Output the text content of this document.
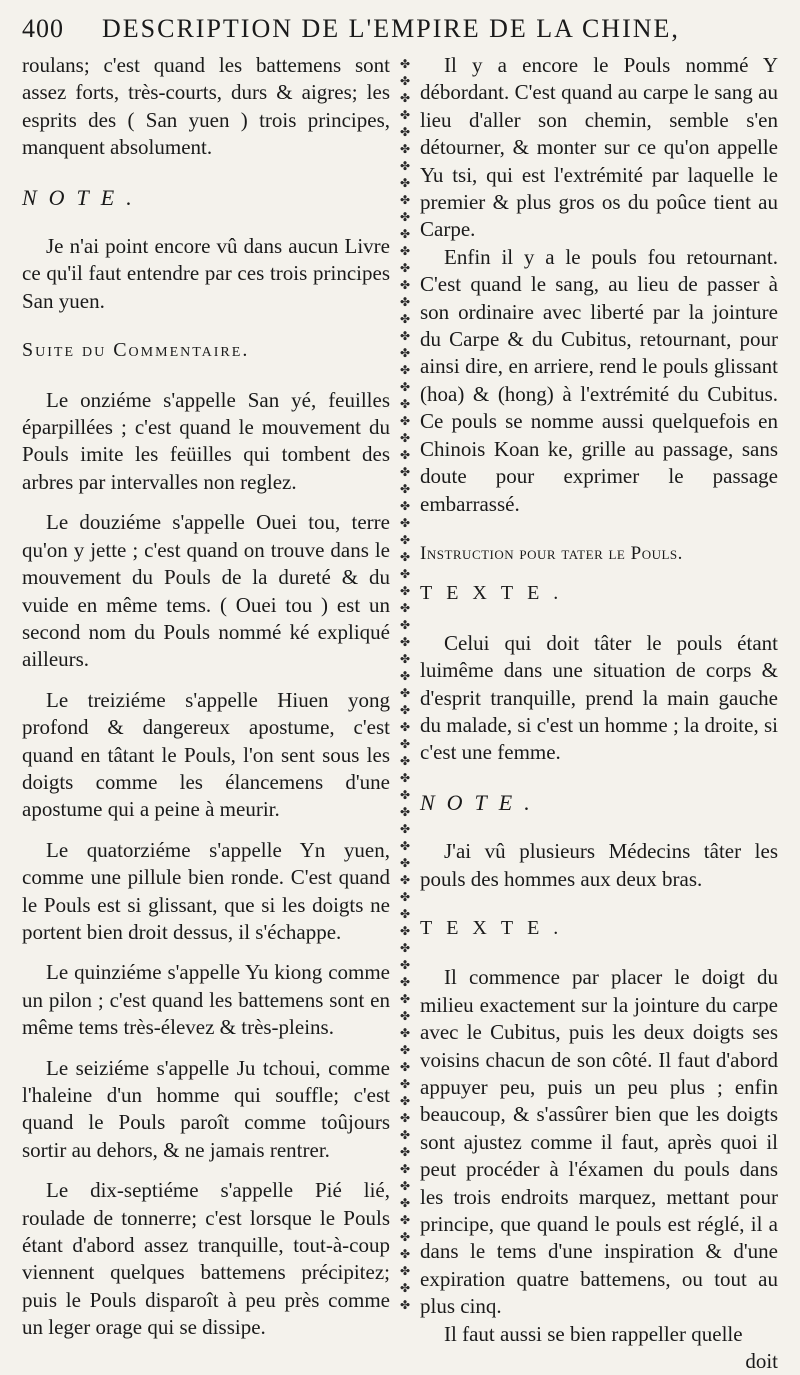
400 DESCRIPTION DE L'EMPIRE DE LA CHINE,

roulans; c'est quand les battemens sont assez forts, très-courts, durs & aigres; les esprits des ( San yuen ) trois principes, manquent absolument.

NOTE.

Je n'ai point encore vû dans aucun Livre ce qu'il faut entendre par ces trois principes San yuen.

Suite du Commentaire.

Le onziéme s'appelle San yé, feuilles éparpillées ; c'est quand le mouvement du Pouls imite les feüilles qui tombent des arbres par intervalles non reglez.

Le douziéme s'appelle Ouei tou, terre qu'on y jette ; c'est quand on trouve dans le mouvement du Pouls de la dureté & du vuide en même tems. ( Ouei tou ) est un second nom du Pouls nommé ké expliqué ailleurs.

Le treiziéme s'appelle Hiuen yong profond & dangereux apostume, c'est quand en tâtant le Pouls, l'on sent sous les doigts comme les élancemens d'une apostume qui a peine à meurir.

Le quatorziéme s'appelle Yn yuen, comme une pillule bien ronde. C'est quand le Pouls est si glissant, que si les doigts ne portent bien droit dessus, il s'échappe.

Le quinziéme s'appelle Yu kiong comme un pilon ; c'est quand les battemens sont en même tems très-élevez & très-pleins.

Le seiziéme s'appelle Ju tchoui, comme l'haleine d'un homme qui souffle; c'est quand le Pouls paroît comme toûjours sortir au dehors, & ne jamais rentrer.

Le dix-septiéme s'appelle Pié lié, roulade de tonnerre; c'est lorsque le Pouls étant d'abord assez tranquille, tout-à-coup viennent quelques battemens précipitez; puis le Pouls disparoît à peu près comme un leger orage qui se dissipe.

✤✤✤✤✤✤✤✤✤✤✤✤✤✤✤✤✤✤✤✤✤✤✤✤✤✤✤✤✤✤✤✤✤✤✤✤✤✤✤✤✤✤✤✤✤✤✤✤✤✤✤✤✤✤✤✤✤✤✤✤✤✤✤✤✤✤✤✤✤✤✤✤✤✤

Il y a encore le Pouls nommé Y débordant. C'est quand au carpe le sang au lieu d'aller son chemin, semble s'en détourner, & monter sur ce qu'on appelle Yu tsi, qui est l'extrémité par laquelle le premier & plus gros os du poûce tient au Carpe.

Enfin il y a le pouls fou retournant. C'est quand le sang, au lieu de passer à son ordinaire avec liberté par la jointure du Carpe & du Cubitus, retournant, pour ainsi dire, en arriere, rend le pouls glissant (hoa) & (hong) à l'extrémité du Cubitus. Ce pouls se nomme aussi quelquefois en Chinois Koan ke, grille au passage, sans doute pour exprimer le passage embarrassé.

Instruction pour tater le Pouls.

TEXTE.

Celui qui doit tâter le pouls étant luimême dans une situation de corps & d'esprit tranquille, prend la main gauche du malade, si c'est un homme ; la droite, si c'est une femme.

NOTE.

J'ai vû plusieurs Médecins tâter les pouls des hommes aux deux bras.

TEXTE.

Il commence par placer le doigt du milieu exactement sur la jointure du carpe avec le Cubitus, puis les deux doigts ses voisins chacun de son côté. Il faut d'abord appuyer peu, puis un peu plus ; enfin beaucoup, & s'assûrer bien que les doigts sont ajustez comme il faut, après quoi il peut procéder à l'éxamen du pouls dans les trois endroits marquez, mettant pour principe, que quand le pouls est réglé, il a dans le tems d'une inspiration & d'une expiration quatre battemens, ou tout au plus cinq.

Il faut aussi se bien rappeller quelle

doit
